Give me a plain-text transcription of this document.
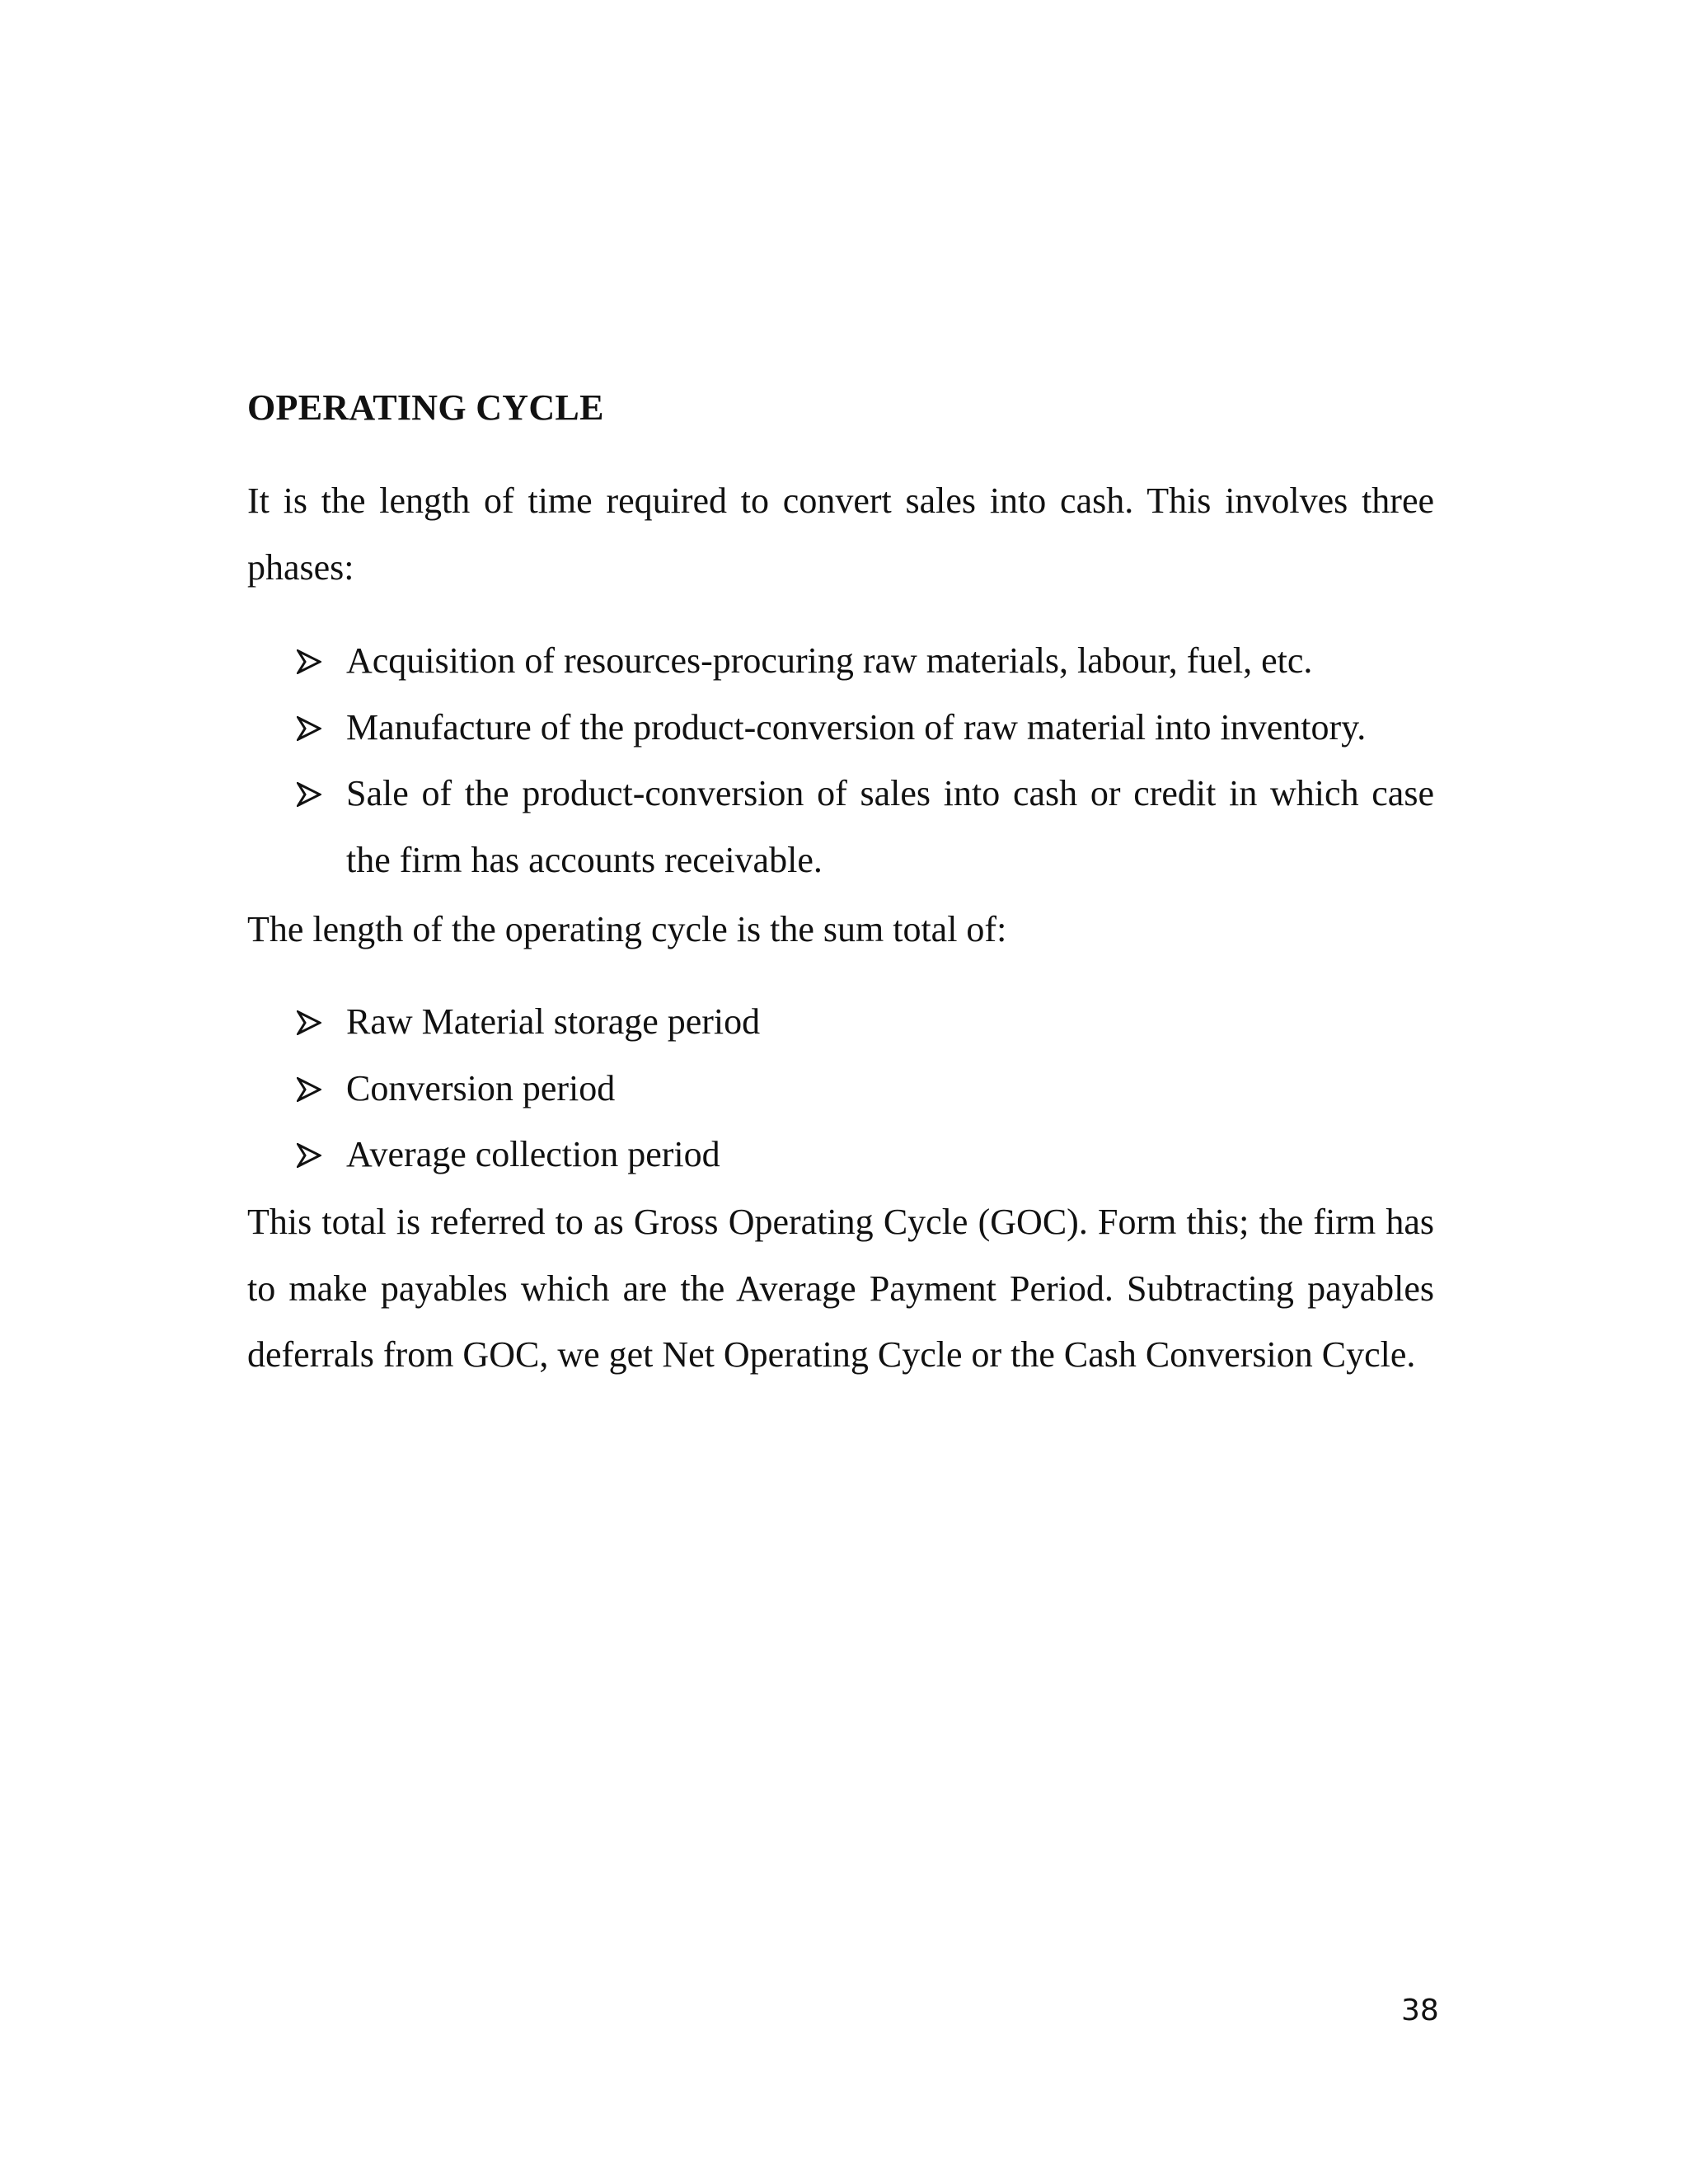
OPERATING CYCLE

It is the length of time required to convert sales into cash. This involves three phases:

Acquisition of resources-procuring raw materials, labour, fuel, etc.
Manufacture of the product-conversion of raw material into inventory.
Sale of the product-conversion of sales into cash or credit in which case the firm has accounts receivable.

The length of the operating cycle is the sum total of:

Raw Material storage period
Conversion period
Average collection period

This total is referred to as Gross Operating Cycle (GOC). Form this; the firm has to make payables which are the Average Payment Period. Subtracting payables deferrals from GOC, we get Net Operating Cycle or the Cash Conversion Cycle.

38
